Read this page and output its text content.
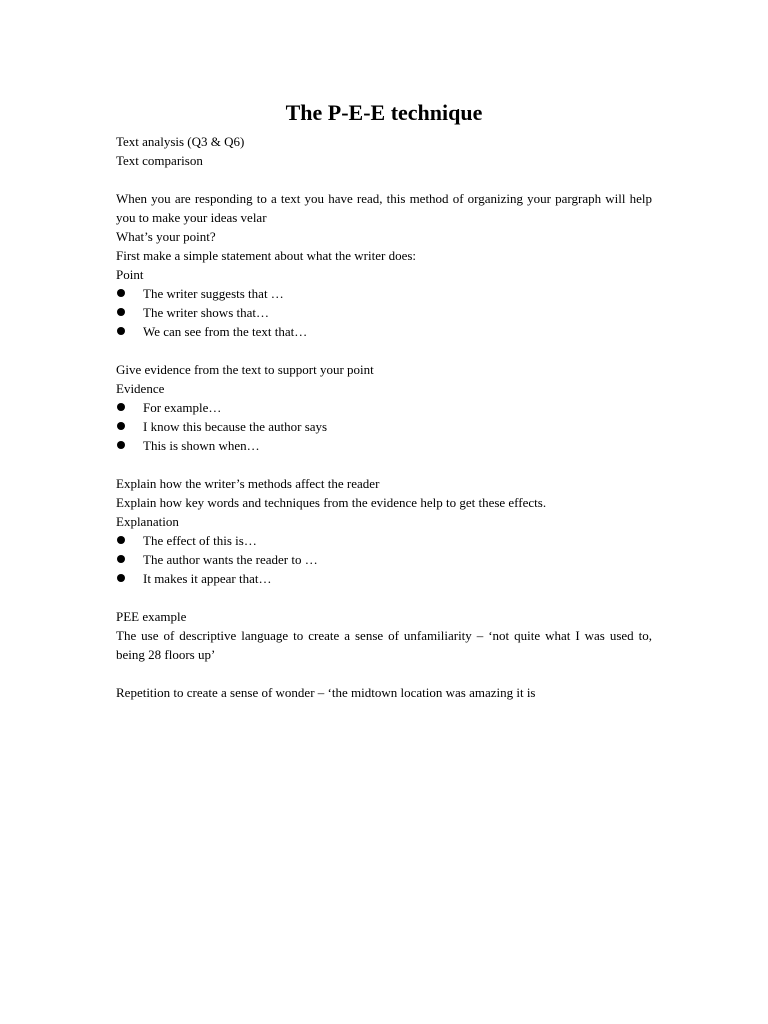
The P-E-E technique

Text analysis (Q3 & Q6)

Text comparison

When you are responding to a text you have read, this method of organizing your pargraph will help you to make your ideas velar

What’s your point?

First make a simple statement about what the writer does:

Point

The writer suggests that …
The writer shows that…
We can see from the text that…

Give evidence from the text to support your point

Evidence

For example…
I know this because the author says
This is shown when…

Explain how the writer’s methods affect the reader

Explain how key words and techniques from the evidence help to get these effects.

Explanation

The effect of this is…
The author wants the reader to …
It makes it appear that…

PEE example

The use of descriptive language to create a sense of unfamiliarity – ‘not quite what I was used to, being 28 floors up’

Repetition to create a sense of wonder – ‘the midtown location was amazing it is
